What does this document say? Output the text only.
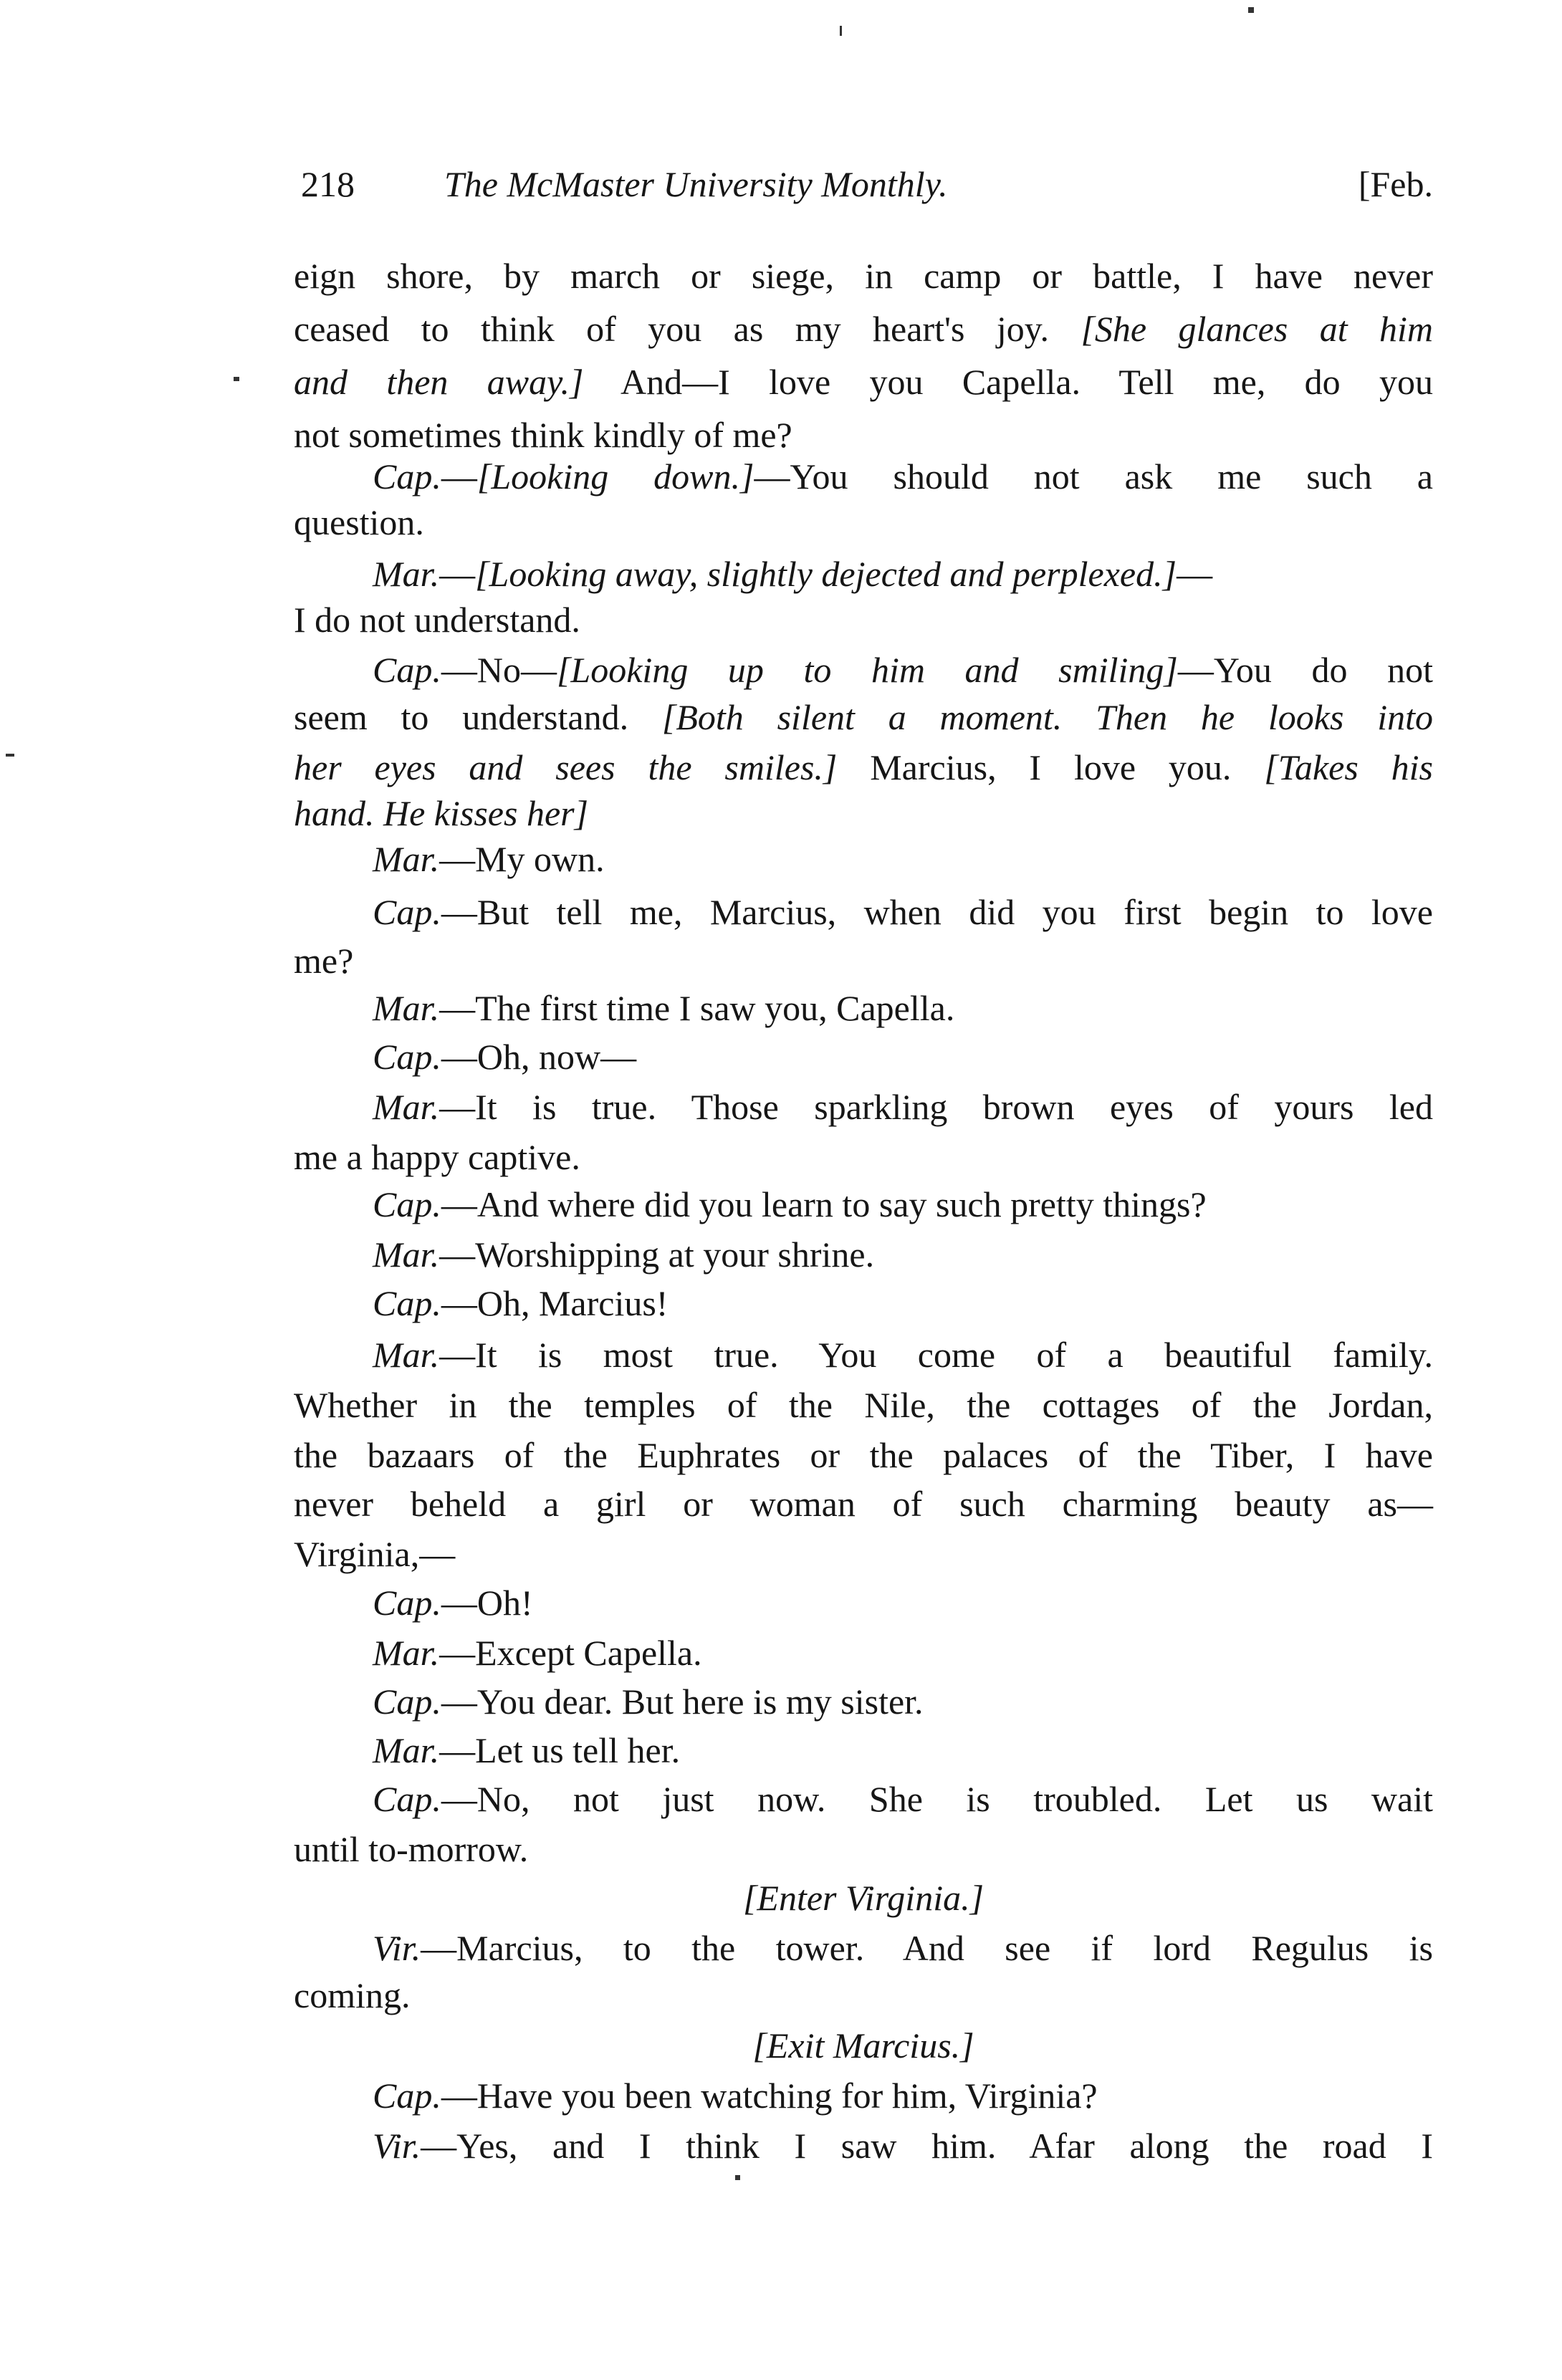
218	The McMaster University Monthly.	[Feb.
eign shore, by march or siege, in camp or battle, I have never
ceased to think of you as my heart's joy. [She glances at him
and then away.] And—I love you Capella. Tell me, do you
not sometimes think kindly of me?
Cap.—[Looking down.]—You should not ask me such a
question.
Mar.—[Looking away, slightly dejected and perplexed.]—
I do not understand.
Cap.—No—[Looking up to him and smiling]—You do not
seem to understand. [Both silent a moment. Then he looks into
her eyes and sees the smiles.] Marcius, I love you. [Takes his
hand. He kisses her]
Mar.—My own.
Cap.—But tell me, Marcius, when did you first begin to love
me?
Mar.—The first time I saw you, Capella.
Cap.—Oh, now—
Mar.—It is true. Those sparkling brown eyes of yours led
me a happy captive.
Cap.—And where did you learn to say such pretty things?
Mar.—Worshipping at your shrine.
Cap.—Oh, Marcius!
Mar.—It is most true. You come of a beautiful family.
Whether in the temples of the Nile, the cottages of the Jordan,
the bazaars of the Euphrates or the palaces of the Tiber, I have
never beheld a girl or woman of such charming beauty as—
Virginia,—
Cap.—Oh!
Mar.—Except Capella.
Cap.—You dear. But here is my sister.
Mar.—Let us tell her.
Cap.—No, not just now. She is troubled. Let us wait
until to-morrow.
[Enter Virginia.]
Vir.—Marcius, to the tower. And see if lord Regulus is
coming.
[Exit Marcius.]
Cap.—Have you been watching for him, Virginia?
Vir.—Yes, and I think I saw him. Afar along the road I
